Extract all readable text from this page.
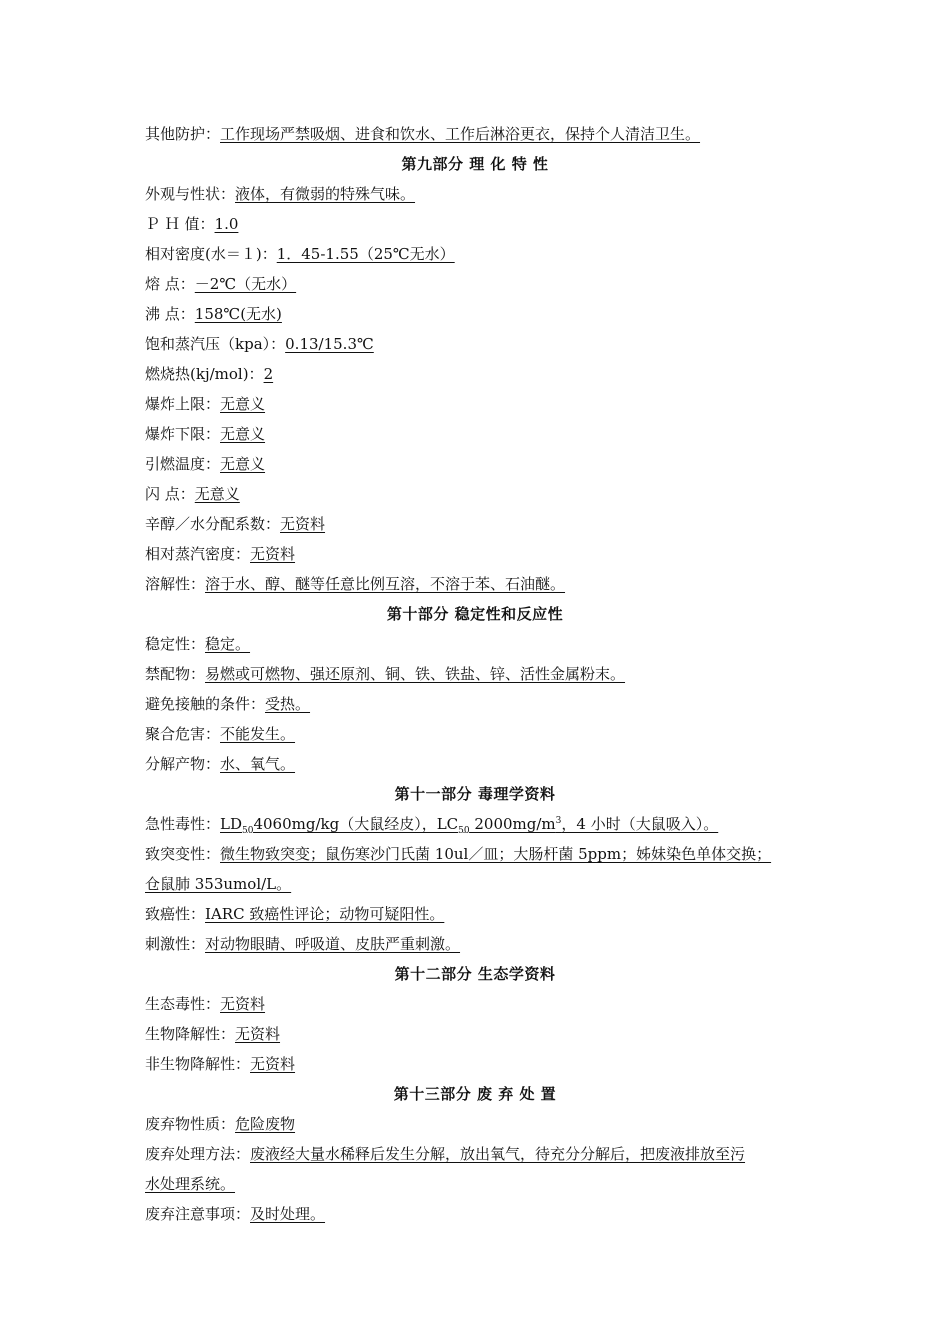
其他防护：工作现场严禁吸烟、进食和饮水、工作后淋浴更衣，保持个人清洁卫生。
第九部分 理 化 特 性
外观与性状：液体，有微弱的特殊气味。
Ｐ Ｈ 值：1.0
相对密度(水＝１)：1．45-1.55（25℃无水）
熔 点：－2℃（无水）
沸 点：158℃(无水)
饱和蒸汽压（kpa）：0.13/15.3℃
燃烧热(kj/mol)：2
爆炸上限：无意义
爆炸下限：无意义
引燃温度：无意义
闪 点：无意义
辛醇／水分配系数：无资料
相对蒸汽密度：无资料
溶解性：溶于水、醇、醚等任意比例互溶，不溶于苯、石油醚。
第十部分 稳定性和反应性
稳定性：稳定。
禁配物：易燃或可燃物、强还原剂、铜、铁、铁盐、锌、活性金属粉末。
避免接触的条件：受热。
聚合危害：不能发生。
分解产物：水、氧气。
第十一部分 毒理学资料
急性毒性：$LD_{50}4060mg/kg$（大鼠经皮），$LC_{50}$ $2000mg/m^3$，4 小时（大鼠吸入）。
致突变性：微生物致突变；鼠伤寒沙门氏菌 10ul／皿；大肠杆菌 5ppm；姊妹染色单体交换；
仓鼠肺 353umol/L。
致癌性：IARC 致癌性评论；动物可疑阳性。
刺激性：对动物眼睛、呼吸道、皮肤严重刺激。
第十二部分 生态学资料
生态毒性：无资料
生物降解性：无资料
非生物降解性：无资料
第十三部分 废 弃 处 置
废弃物性质：危险废物
废弃处理方法：废液经大量水稀释后发生分解，放出氧气，待充分分解后，把废液排放至污
水处理系统。
废弃注意事项：及时处理。
